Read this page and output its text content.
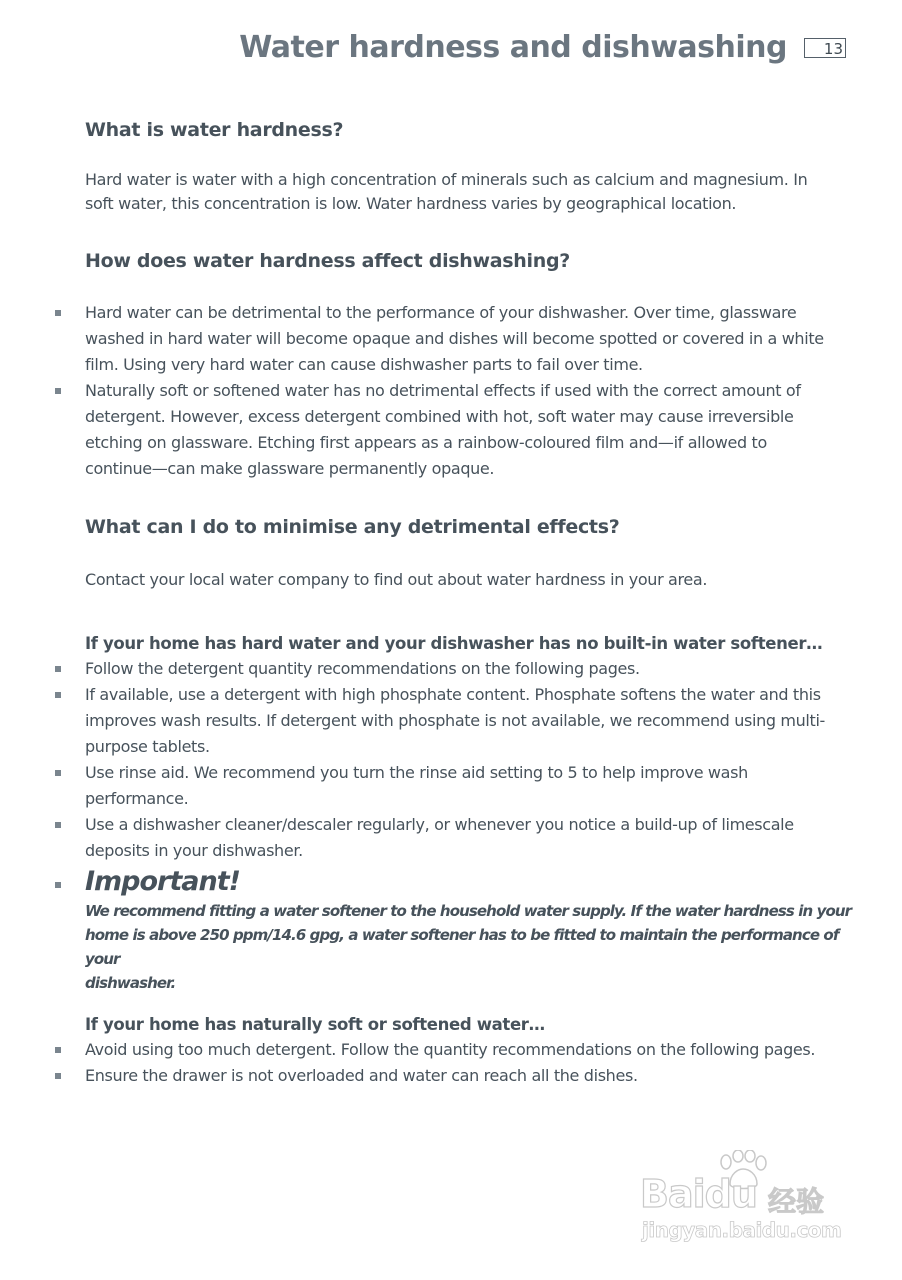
Water hardness and dishwashing	13
What is water hardness?
Hard water is water with a high concentration of minerals such as calcium and magnesium. In
soft water, this concentration is low. Water hardness varies by geographical location.
How does water hardness affect dishwashing?
Hard water can be detrimental to the performance of your dishwasher. Over time, glassware
washed in hard water will become opaque and dishes will become spotted or covered in a white
film. Using very hard water can cause dishwasher parts to fail over time.
Naturally soft or softened water has no detrimental effects if used with the correct amount of
detergent. However, excess detergent combined with hot, soft water may cause irreversible
etching on glassware. Etching first appears as a rainbow-coloured film and—if allowed to
continue—can make glassware permanently opaque.
What can I do to minimise any detrimental effects?
Contact your local water company to find out about water hardness in your area.
If your home has hard water and your dishwasher has no built-in water softener…
Follow the detergent quantity recommendations on the following pages.
If available, use a detergent with high phosphate content. Phosphate softens the water and this
improves wash results. If detergent with phosphate is not available, we recommend using multi-
purpose tablets.
Use rinse aid. We recommend you turn the rinse aid setting to 5 to help improve wash
performance.
Use a dishwasher cleaner/descaler regularly, or whenever you notice a build-up of limescale
deposits in your dishwasher.
Important!
We recommend fitting a water softener to the household water supply. If the water hardness in your
home is above 250 ppm/14.6 gpg, a water softener has to be fitted to maintain the performance of your
dishwasher.
If your home has naturally soft or softened water…
Avoid using too much detergent. Follow the quantity recommendations on the following pages.
Ensure the drawer is not overloaded and water can reach all the dishes.
Baidu 经验
jingyan.baidu.com
